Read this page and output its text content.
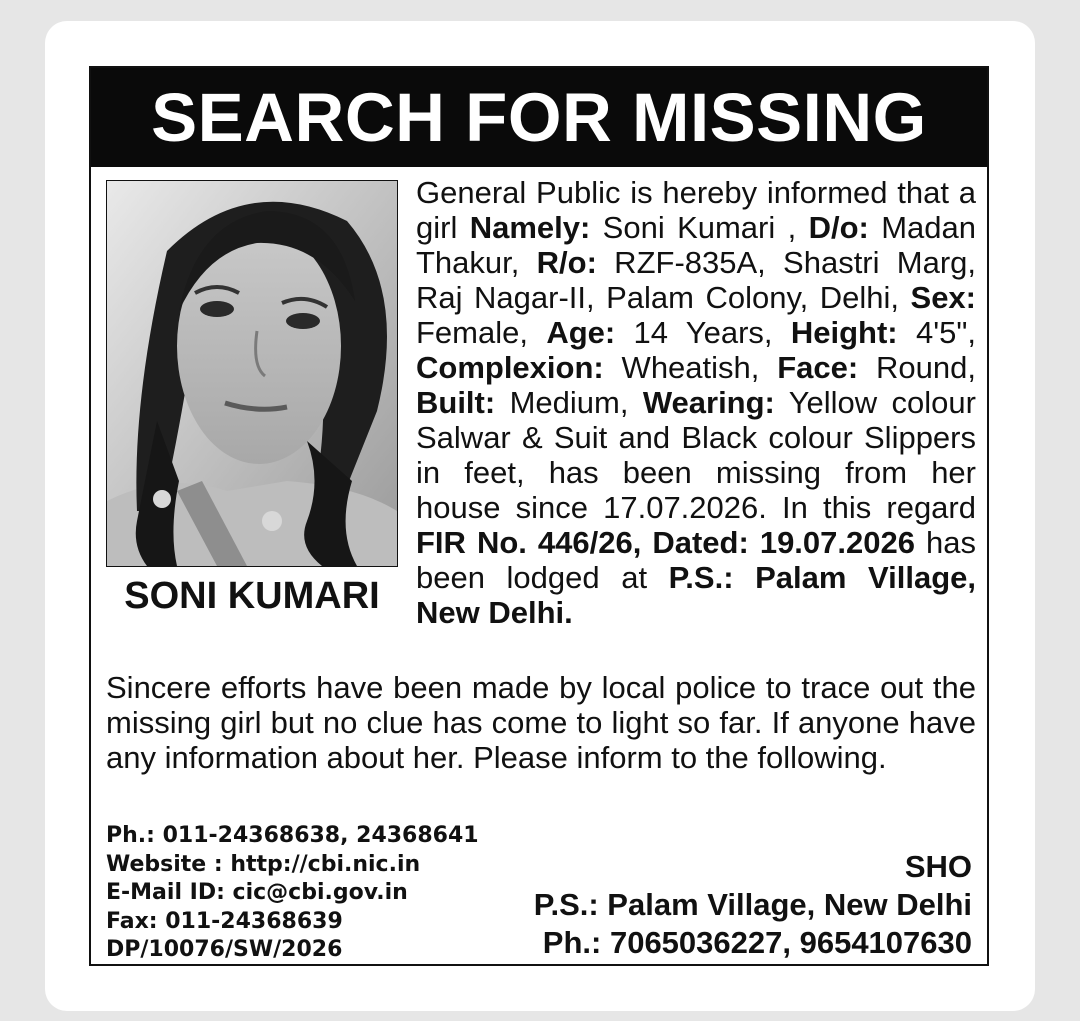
SEARCH FOR MISSING

SONI KUMARI

General Public is hereby informed that a girl Namely: Soni Kumari , D/o: Madan Thakur, R/o: RZF-835A, Shastri Marg, Raj Nagar-II, Palam Colony, Delhi, Sex: Female, Age: 14 Years, Height: 4'5", Complexion: Wheatish, Face: Round, Built: Medium, Wearing: Yellow colour Salwar & Suit and Black colour Slippers in feet, has been missing from her house since 17.07.2026. In this regard FIR No. 446/26, Dated: 19.07.2026 has been lodged at P.S.: Palam Village, New Delhi.

Sincere efforts have been made by local police to trace out the missing girl but no clue has come to light so far. If anyone have any information about her. Please inform to the following.

Ph.: 011-24368638, 24368641
Website : http://cbi.nic.in
E-Mail ID: cic@cbi.gov.in
Fax: 011-24368639
DP/10076/SW/2026
SHO
P.S.: Palam Village, New Delhi
Ph.: 7065036227, 9654107630
